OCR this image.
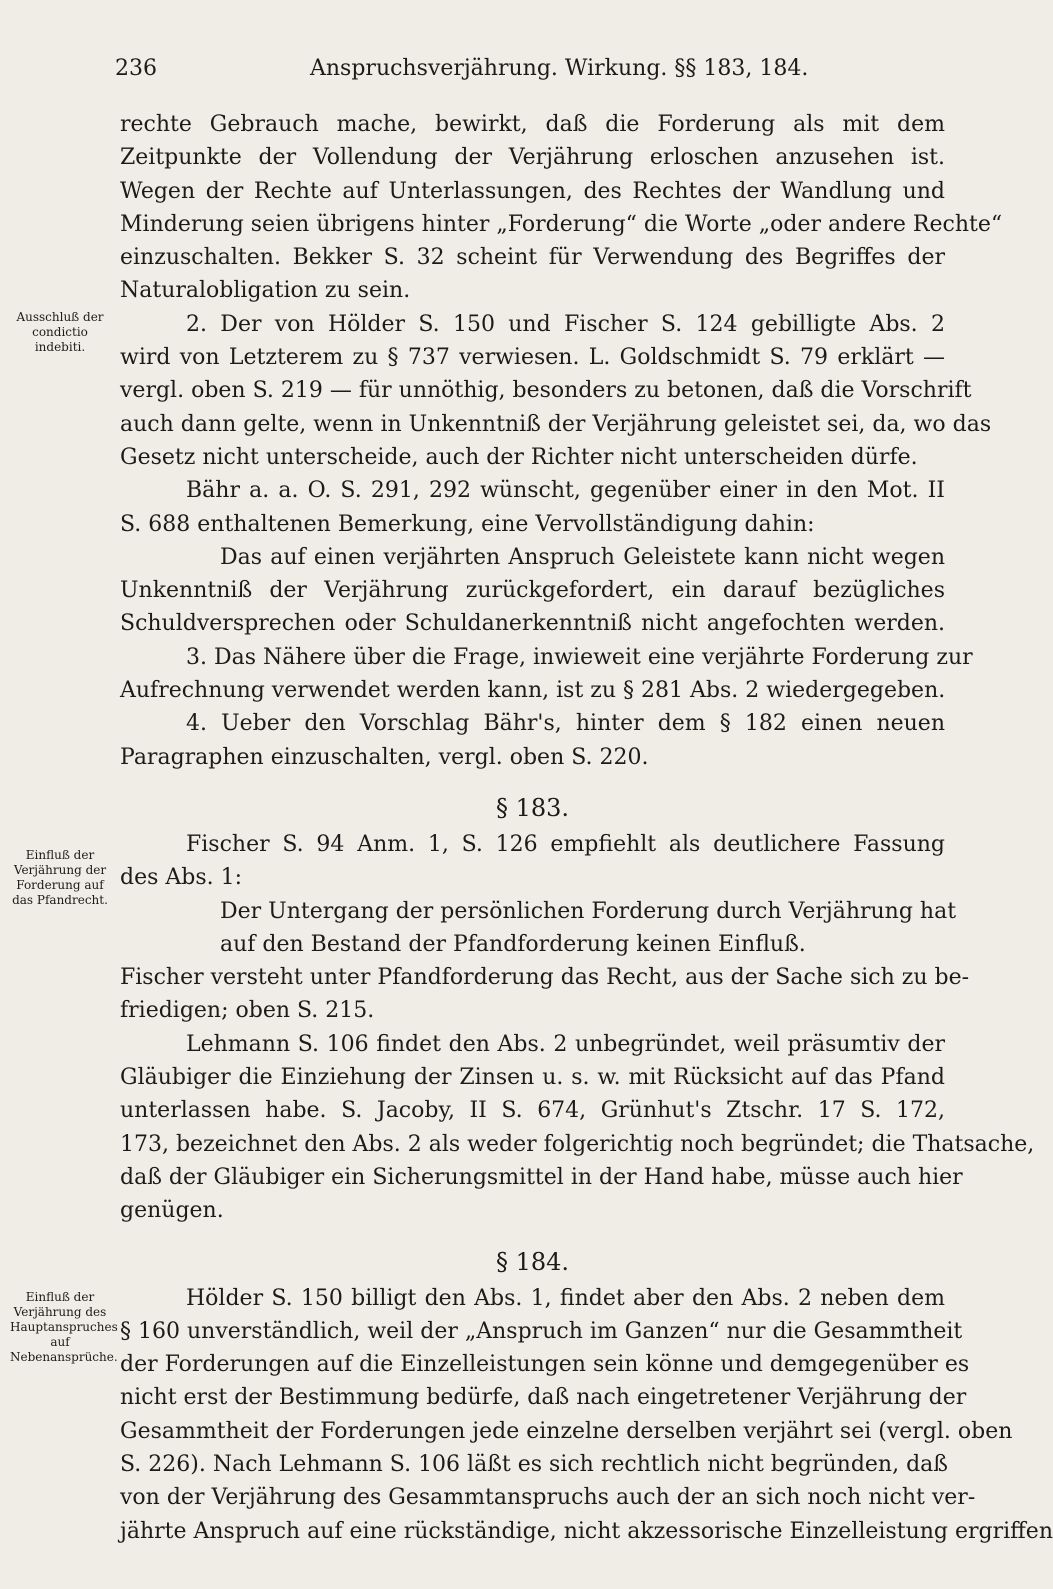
236	Anspruchsverjährung. Wirkung. §§ 183, 184.
Ausschluß der condictio indebiti.
Einfluß der Verjährung der Forderung auf das Pfandrecht.
Einfluß der Verjährung des Hauptanspruches auf Nebenansprüche.
rechte Gebrauch mache, bewirkt, daß die Forderung als mit dem
Zeitpunkte der Vollendung der Verjährung erloschen anzusehen ist.
Wegen der Rechte auf Unterlassungen, des Rechtes der Wandlung und
Minderung seien übrigens hinter „Forderung“ die Worte „oder andere Rechte“
einzuschalten. Bekker S. 32 scheint für Verwendung des Begriffes der
Naturalobligation zu sein.
2. Der von Hölder S. 150 und Fischer S. 124 gebilligte Abs. 2
wird von Letzterem zu § 737 verwiesen. L. Goldschmidt S. 79 erklärt —
vergl. oben S. 219 — für unnöthig, besonders zu betonen, daß die Vorschrift
auch dann gelte, wenn in Unkenntniß der Verjährung geleistet sei, da, wo das
Gesetz nicht unterscheide, auch der Richter nicht unterscheiden dürfe.
Bähr a. a. O. S. 291, 292 wünscht, gegenüber einer in den Mot. II
S. 688 enthaltenen Bemerkung, eine Vervollständigung dahin:
Das auf einen verjährten Anspruch Geleistete kann nicht wegen
Unkenntniß der Verjährung zurückgefordert, ein darauf bezügliches
Schuldversprechen oder Schuldanerkenntniß nicht angefochten werden.
3. Das Nähere über die Frage, inwieweit eine verjährte Forderung zur
Aufrechnung verwendet werden kann, ist zu § 281 Abs. 2 wiedergegeben.
4. Ueber den Vorschlag Bähr's, hinter dem § 182 einen neuen
Paragraphen einzuschalten, vergl. oben S. 220.
§ 183.
Fischer S. 94 Anm. 1, S. 126 empfiehlt als deutlichere Fassung
des Abs. 1:
Der Untergang der persönlichen Forderung durch Verjährung hat
auf den Bestand der Pfandforderung keinen Einfluß.
Fischer versteht unter Pfandforderung das Recht, aus der Sache sich zu be-
friedigen; oben S. 215.
Lehmann S. 106 findet den Abs. 2 unbegründet, weil präsumtiv der
Gläubiger die Einziehung der Zinsen u. s. w. mit Rücksicht auf das Pfand
unterlassen habe. S. Jacoby, II S. 674, Grünhut's Ztschr. 17 S. 172,
173, bezeichnet den Abs. 2 als weder folgerichtig noch begründet; die Thatsache,
daß der Gläubiger ein Sicherungsmittel in der Hand habe, müsse auch hier
genügen.
§ 184.
Hölder S. 150 billigt den Abs. 1, findet aber den Abs. 2 neben dem
§ 160 unverständlich, weil der „Anspruch im Ganzen“ nur die Gesammtheit
der Forderungen auf die Einzelleistungen sein könne und demgegenüber es
nicht erst der Bestimmung bedürfe, daß nach eingetretener Verjährung der
Gesammtheit der Forderungen jede einzelne derselben verjährt sei (vergl. oben
S. 226). Nach Lehmann S. 106 läßt es sich rechtlich nicht begründen, daß
von der Verjährung des Gesammtanspruchs auch der an sich noch nicht ver-
jährte Anspruch auf eine rückständige, nicht akzessorische Einzelleistung ergriffen
